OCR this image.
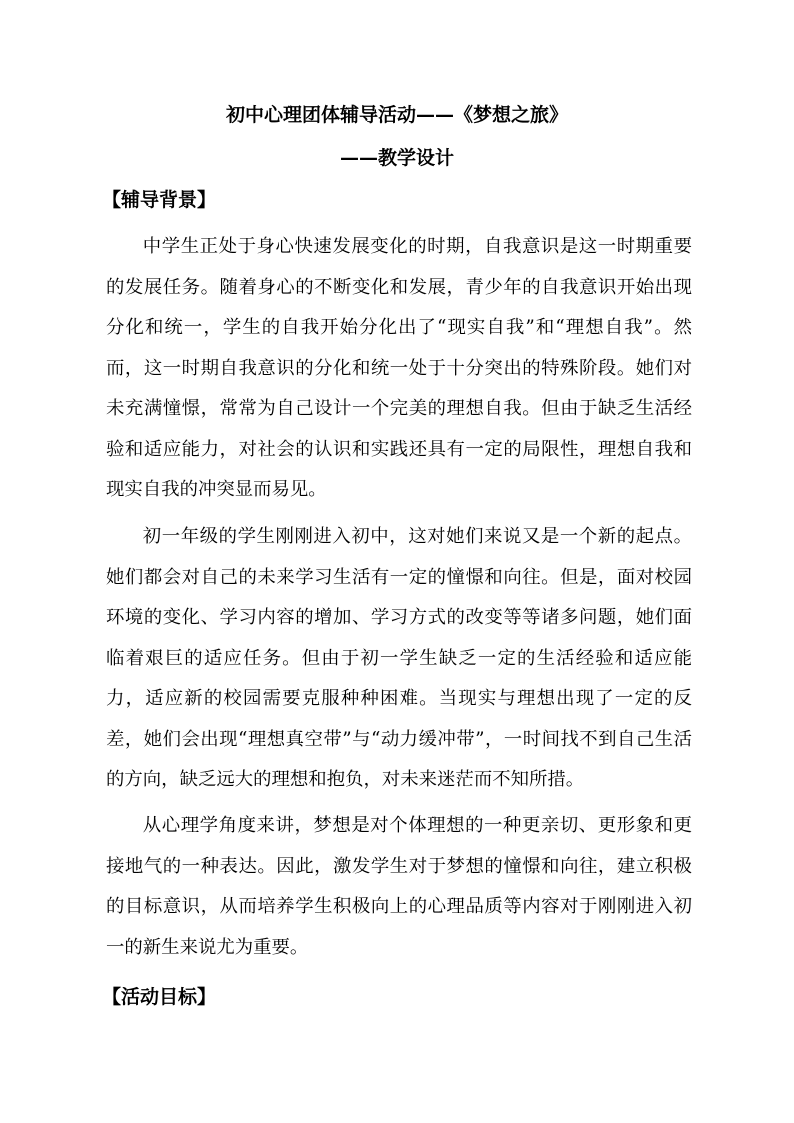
初中心理团体辅导活动——《梦想之旅》
——教学设计
【辅导背景】

中学生正处于身心快速发展变化的时期，自我意识是这一时期重要的发展任务。随着身心的不断变化和发展，青少年的自我意识开始出现分化和统一，学生的自我开始分化出了“现实自我”和“理想自我”。然而，这一时期自我意识的分化和统一处于十分突出的特殊阶段。她们对未充满憧憬，常常为自己设计一个完美的理想自我。但由于缺乏生活经验和适应能力，对社会的认识和实践还具有一定的局限性，理想自我和现实自我的冲突显而易见。

初一年级的学生刚刚进入初中，这对她们来说又是一个新的起点。她们都会对自己的未来学习生活有一定的憧憬和向往。但是，面对校园环境的变化、学习内容的增加、学习方式的改变等等诸多问题，她们面临着艰巨的适应任务。但由于初一学生缺乏一定的生活经验和适应能力，适应新的校园需要克服种种困难。当现实与理想出现了一定的反差，她们会出现“理想真空带”与“动力缓冲带”，一时间找不到自己生活的方向，缺乏远大的理想和抱负，对未来迷茫而不知所措。

从心理学角度来讲，梦想是对个体理想的一种更亲切、更形象和更接地气的一种表达。因此，激发学生对于梦想的憧憬和向往，建立积极的目标意识，从而培养学生积极向上的心理品质等内容对于刚刚进入初一的新生来说尤为重要。

【活动目标】
